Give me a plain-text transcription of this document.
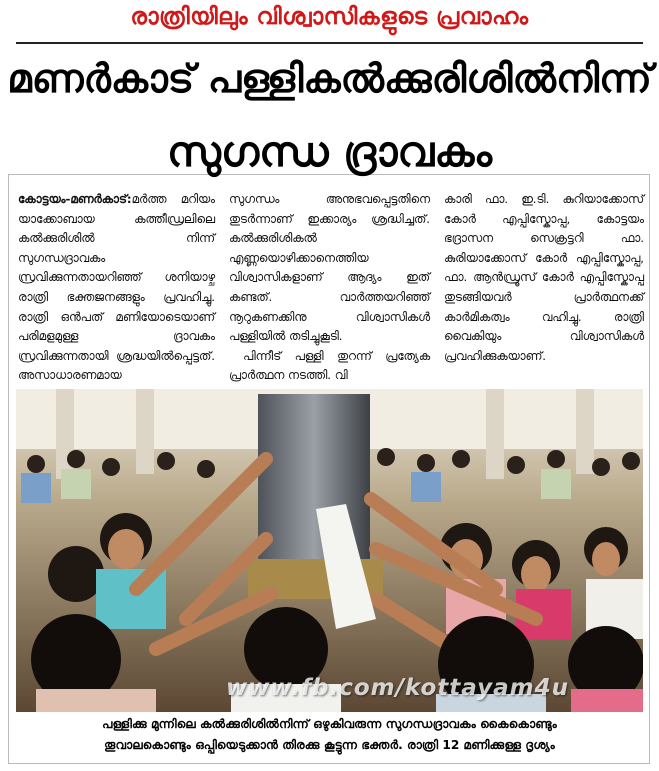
രാത്രിയിലും വിശ്വാസികളുടെ പ്രവാഹം
മണർകാട് പള്ളികൽക്കുരിശിൽനിന്ന്
സുഗന്ധ ദ്രാവകം
കോട്ടയം-മണർകാട്:മർത്ത മറിയം യാക്കോബായ കത്തീഡ്രലിലെ കൽക്കുരിശിൽ നിന്ന് സുഗന്ധദ്രാവകം സ്രവിക്കുന്നതായറിഞ്ഞ് ശനിയാഴ്ച രാത്രി ഭക്തജനങ്ങളും പ്രവഹിച്ചു. രാത്രി ഒൻപത് മണിയോടെയാണ് പരിമളമുള്ള ദ്രാവകം സ്രവിക്കുന്നതായി ശ്രദ്ധയിൽപ്പെട്ടത്. അസാധാരണമായ
സുഗന്ധം അനുഭവപ്പെട്ടതിനെ തുടർന്നാണ് ഇക്കാര്യം ശ്രദ്ധിച്ചത്. കൽക്കുരിശികൽ എണ്ണയൊഴിക്കാനെത്തിയ വിശ്വാസികളാണ് ആദ്യം ഇത് കണ്ടത്. വാർത്തയറിഞ്ഞ് നൂറുകണക്കിനു വിശ്വാസികൾ പള്ളിയിൽ തടിച്ചുകൂടി.
പിന്നീട് പള്ളി തുറന്ന് പ്രത്യേക പ്രാർത്ഥന നടത്തി. വി
കാരി ഫാ. ഇ.ടി. കുറിയാക്കോസ് കോർ എപ്പിസ്കോപ്പ, കോട്ടയം ഭദ്രാസന സെക്രട്ടറി ഫാ. കുരിയാക്കോസ് കോർ എപ്പിസ്കോപ്പ, ഫാ. ആൻഡ്രൂസ് കോർ എപ്പിസ്കോപ്പ തുടങ്ങിയവർ പ്രാർത്ഥനക്ക് കാർമികത്വം വഹിച്ചു. രാത്രി വൈകിയും വിശ്വാസികൾ പ്രവഹിക്കുകയാണ്.
www.fb.com/kottayam4u
പള്ളിക്കു മുന്നിലെ കൽക്കുരിശിൽനിന്ന് ഒഴുകിവരുന്ന സുഗന്ധദ്രാവകം കൈകൊണ്ടും
തൂവാലകൊണ്ടും ഒപ്പിയെടുക്കാൻ തിരക്കു കൂട്ടുന്ന ഭക്തർ. രാത്രി 12 മണിക്കുള്ള ദൃശ്യം
